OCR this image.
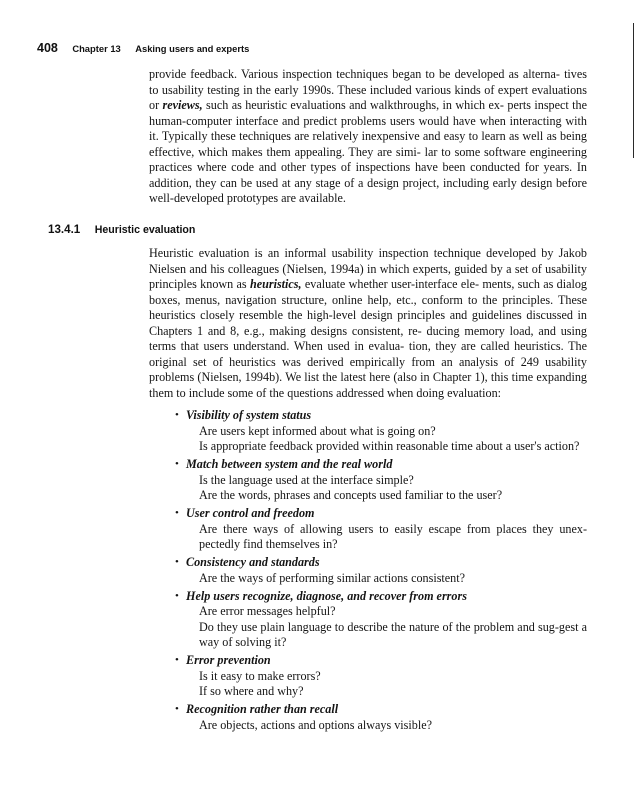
408 Chapter 13 Asking users and experts

provide feedback. Various inspection techniques began to be developed as alterna- tives to usability testing in the early 1990s. These included various kinds of expert evaluations or reviews, such as heuristic evaluations and walkthroughs, in which ex- perts inspect the human-computer interface and predict problems users would have when interacting with it. Typically these techniques are relatively inexpensive and easy to learn as well as being effective, which makes them appealing. They are simi- lar to some software engineering practices where code and other types of inspections have been conducted for years. In addition, they can be used at any stage of a design project, including early design before well-developed prototypes are available.

13.4.1 Heuristic evaluation

Heuristic evaluation is an informal usability inspection technique developed by Jakob Nielsen and his colleagues (Nielsen, 1994a) in which experts, guided by a set of usability principles known as heuristics, evaluate whether user-interface ele- ments, such as dialog boxes, menus, navigation structure, online help, etc., conform to the principles. These heuristics closely resemble the high-level design principles and guidelines discussed in Chapters 1 and 8, e.g., making designs consistent, re- ducing memory load, and using terms that users understand. When used in evalua- tion, they are called heuristics. The original set of heuristics was derived empirically from an analysis of 249 usability problems (Nielsen, 1994b). We list the latest here (also in Chapter 1), this time expanding them to include some of the questions addressed when doing evaluation:

• Visibility of system status
Are users kept informed about what is going on?
Is appropriate feedback provided within reasonable time about a user's action?
• Match between system and the real world
Is the language used at the interface simple?
Are the words, phrases and concepts used familiar to the user?
• User control and freedom
Are there ways of allowing users to easily escape from places they unex-pectedly find themselves in?
• Consistency and standards
Are the ways of performing similar actions consistent?
• Help users recognize, diagnose, and recover from errors
Are error messages helpful?
Do they use plain language to describe the nature of the problem and sug-gest a way of solving it?
• Error prevention
Is it easy to make errors?
If so where and why?
• Recognition rather than recall
Are objects, actions and options always visible?
